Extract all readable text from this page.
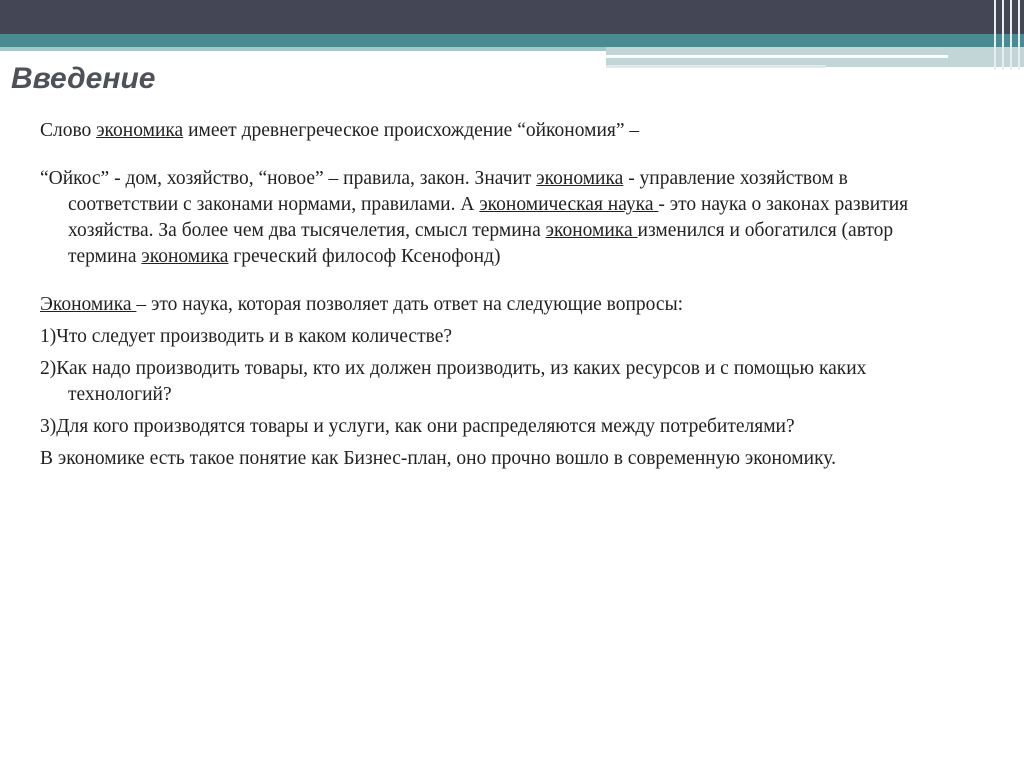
Введение

Слово экономика имеет древнегреческое происхождение “ойкономия” –

“Ойкос” - дом, хозяйство, “новое” – правила, закон. Значит экономика - управление хозяйством в соответствии с законами нормами, правилами. А экономическая наука - это наука о законах развития хозяйства. За более чем два тысячелетия, смысл термина экономика изменился и обогатился (автор термина экономика греческий философ Ксенофонд)

Экономика – это наука, которая позволяет дать ответ на следующие вопросы:

1)Что следует производить и в каком количестве?

2)Как надо производить товары, кто их должен производить, из каких ресурсов и с помощью каких технологий?

3)Для кого производятся товары и услуги, как они распределяются между потребителями?

В экономике есть такое понятие как Бизнес-план, оно прочно вошло в современную экономику.
